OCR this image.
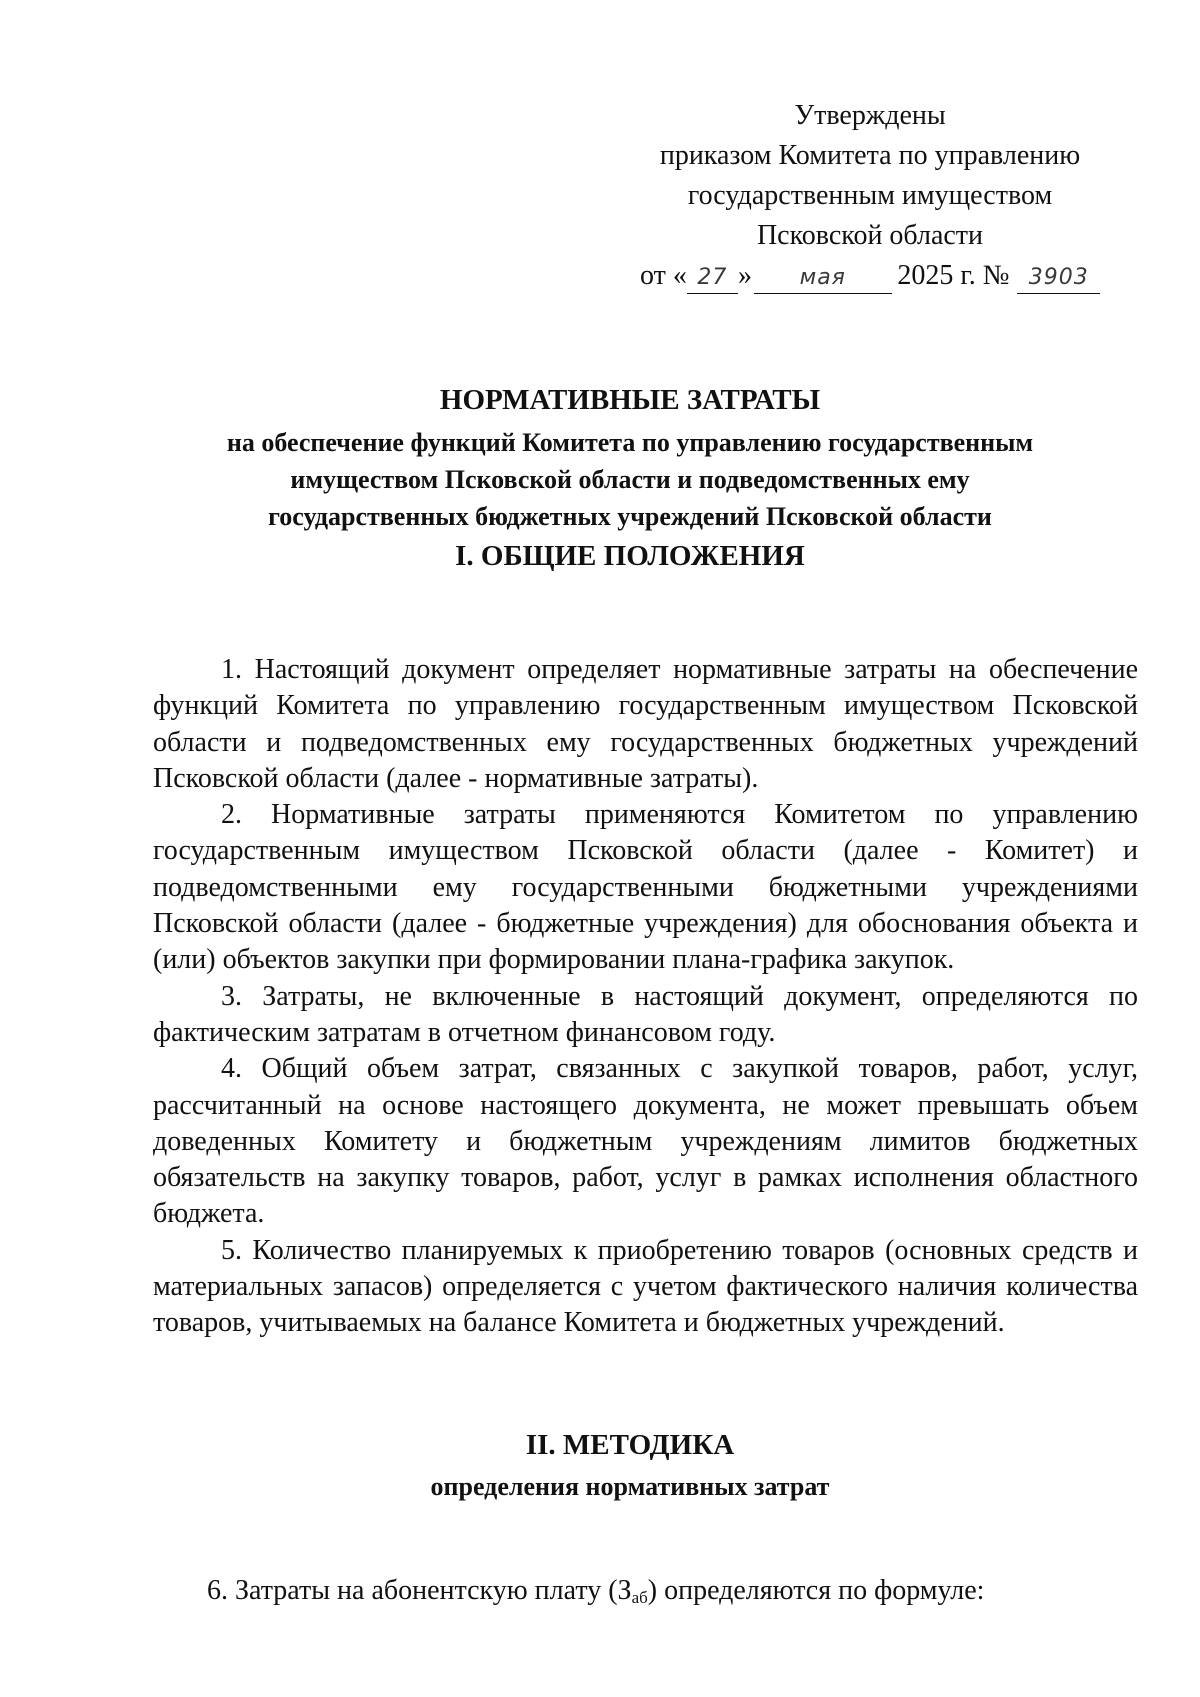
Утверждены
приказом Комитета по управлению
государственным имуществом
Псковской области
от « 27 »	мая	2025 г. № 3903
НОРМАТИВНЫЕ ЗАТРАТЫ
на обеспечение функций Комитета по управлению государственным
имуществом Псковской области и подведомственных ему
государственных бюджетных учреждений Псковской области
I. ОБЩИЕ ПОЛОЖЕНИЯ

1. Настоящий документ определяет нормативные затраты на обеспечение функций Комитета по управлению государственным имуществом Псковской области и подведомственных ему государственных бюджетных учреждений Псковской области (далее - нормативные затраты).

2. Нормативные затраты применяются Комитетом по управлению государственным имуществом Псковской области (далее - Комитет) и подведомственными ему государственными бюджетными учреждениями Псковской области (далее - бюджетные учреждения) для обоснования объекта и (или) объектов закупки при формировании плана-графика закупок.

3. Затраты, не включенные в настоящий документ, определяются по фактическим затратам в отчетном финансовом году.

4. Общий объем затрат, связанных с закупкой товаров, работ, услуг, рассчитанный на основе настоящего документа, не может превышать объем доведенных Комитету и бюджетным учреждениям лимитов бюджетных обязательств на закупку товаров, работ, услуг в рамках исполнения областного бюджета.

5. Количество планируемых к приобретению товаров (основных средств и материальных запасов) определяется с учетом фактического наличия количества товаров, учитываемых на балансе Комитета и бюджетных учреждений.

II. МЕТОДИКА
определения нормативных затрат
6. Затраты на абонентскую плату $(З_{аб})$ определяются по формуле:
